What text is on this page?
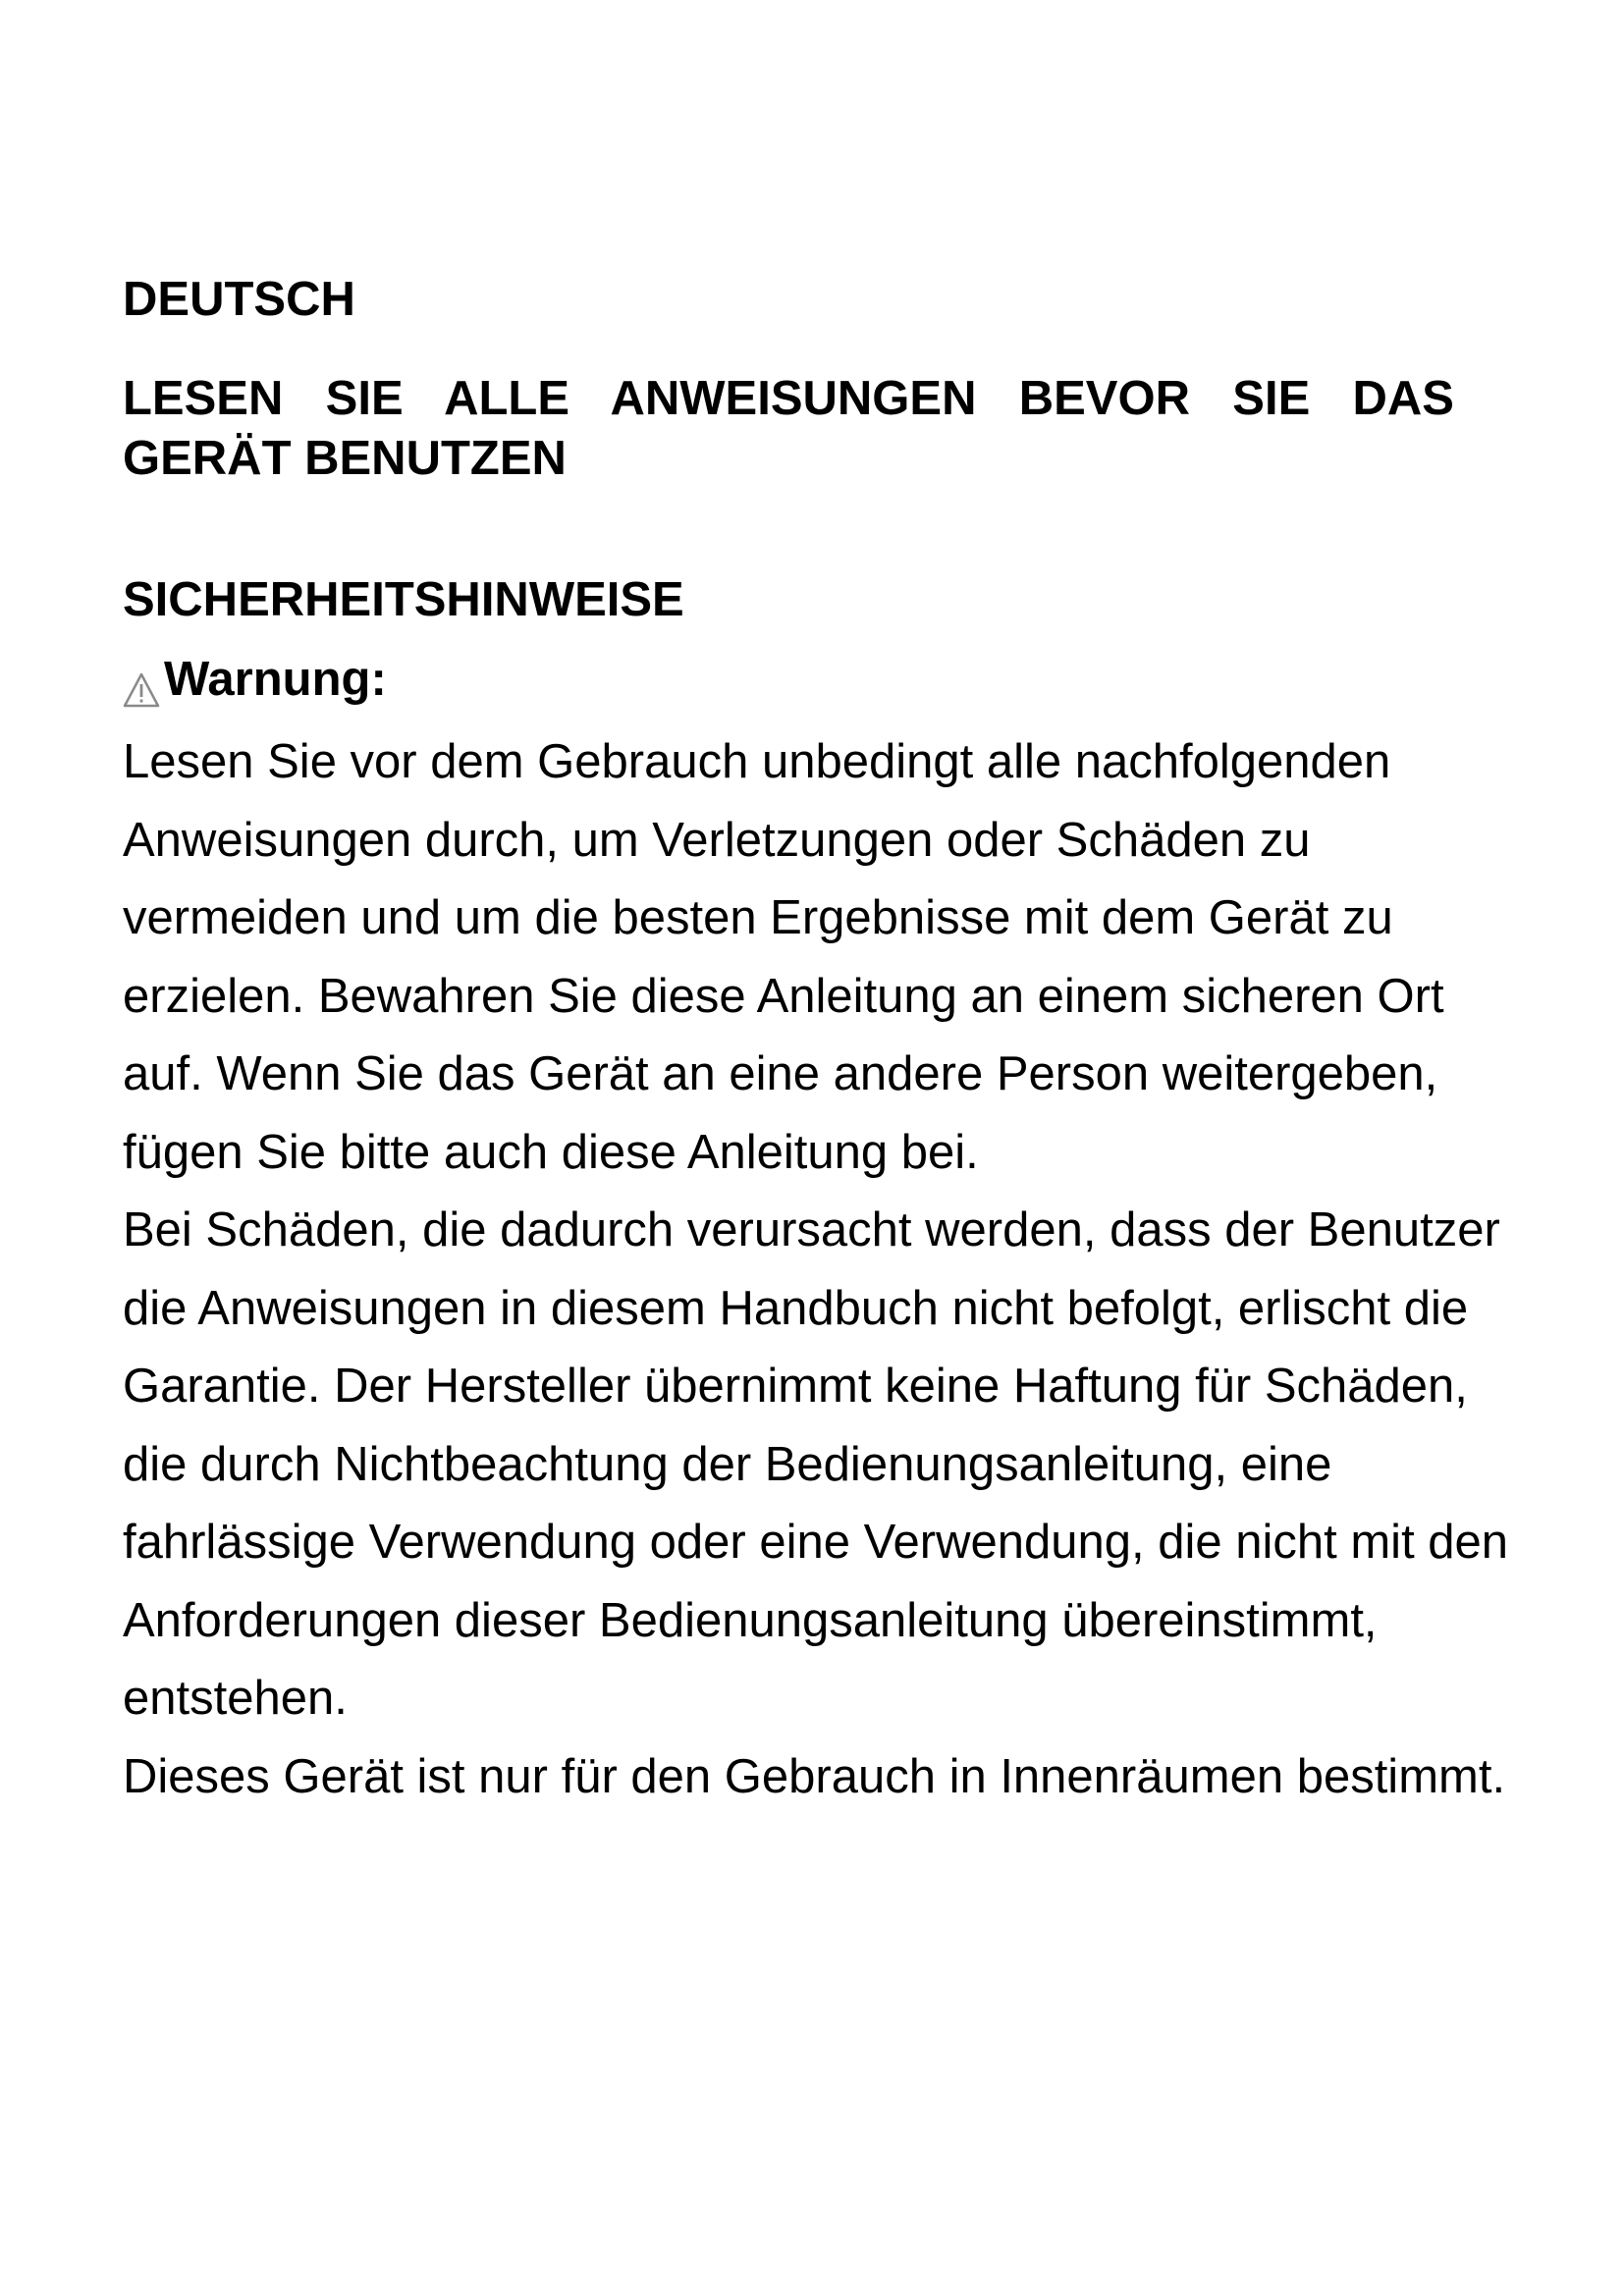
DEUTSCH
LESEN SIE ALLE ANWEISUNGEN BEVOR SIE DAS
GERÄT BENUTZEN
SICHERHEITSHINWEISE
Warnung:

Lesen Sie vor dem Gebrauch unbedingt alle nachfolgenden Anweisungen durch, um Verletzungen oder Schäden zu vermeiden und um die besten Ergebnisse mit dem Gerät zu erzielen. Bewahren Sie diese Anleitung an einem sicheren Ort auf. Wenn Sie das Gerät an eine andere Person weitergeben, fügen Sie bitte auch diese Anleitung bei.

Bei Schäden, die dadurch verursacht werden, dass der Benutzer die Anweisungen in diesem Handbuch nicht befolgt, erlischt die Garantie. Der Hersteller übernimmt keine Haftung für Schäden, die durch Nichtbeachtung der Bedienungsanleitung, eine fahrlässige Verwendung oder eine Verwendung, die nicht mit den Anforderungen dieser Bedienungsanleitung übereinstimmt, entstehen.

Dieses Gerät ist nur für den Gebrauch in Innenräumen bestimmt.
